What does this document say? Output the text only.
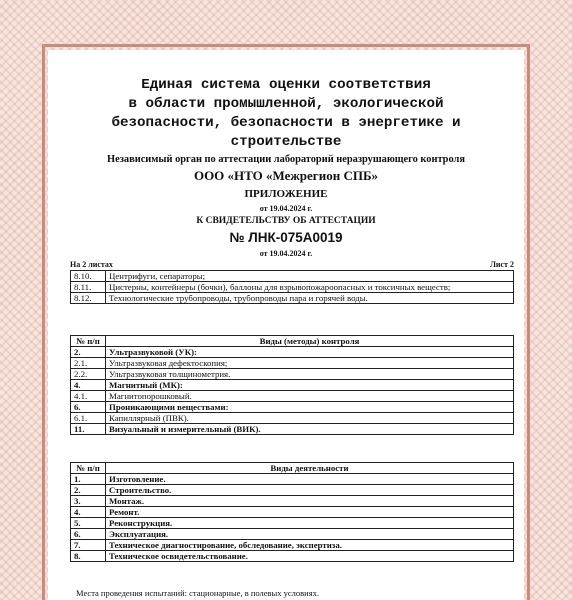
Единая система оценки соответствия
в области промышленной, экологической
безопасности, безопасности в энергетике и
строительстве
Независимый орган по аттестации лабораторий неразрушающего контроля
ООО «НТО «Межрегион СПБ»
ПРИЛОЖЕНИЕ
от 19.04.2024 г.
К СВИДЕТЕЛЬСТВУ ОБ АТТЕСТАЦИИ
№ ЛНК-075А0019
от 19.04.2024 г.
На 2 листах	Лист 2
8.10.	Центрифуги, сепараторы;
8.11.	Цистерны, контейнеры (бочки), баллоны для взрывопожароопасных и токсичных веществ;
8.12.	Технологические трубопроводы, трубопроводы пара и горячей воды.
№ п/п	Виды (методы) контроля
2.	Ультразвуковой (УК):
2.1.	Ультразвуковая дефектоскопия;
2.2.	Ультразвуковая толщинометрия.
4.	Магнитный (МК):
4.1.	Магнитопорошковый.
6.	Проникающими веществами:
6.1.	Капиллярный (ПВК).
11.	Визуальный и измерительный (ВИК).
№ п/п	Виды деятельности
1.	Изготовление.
2.	Строительство.
3.	Монтаж.
4.	Ремонт.
5.	Реконструкция.
6.	Эксплуатация.
7.	Техническое диагностирование, обследование, экспертиза.
8.	Техническое освидетельствование.
Места проведения испытаний: стационарные, в полевых условиях.
